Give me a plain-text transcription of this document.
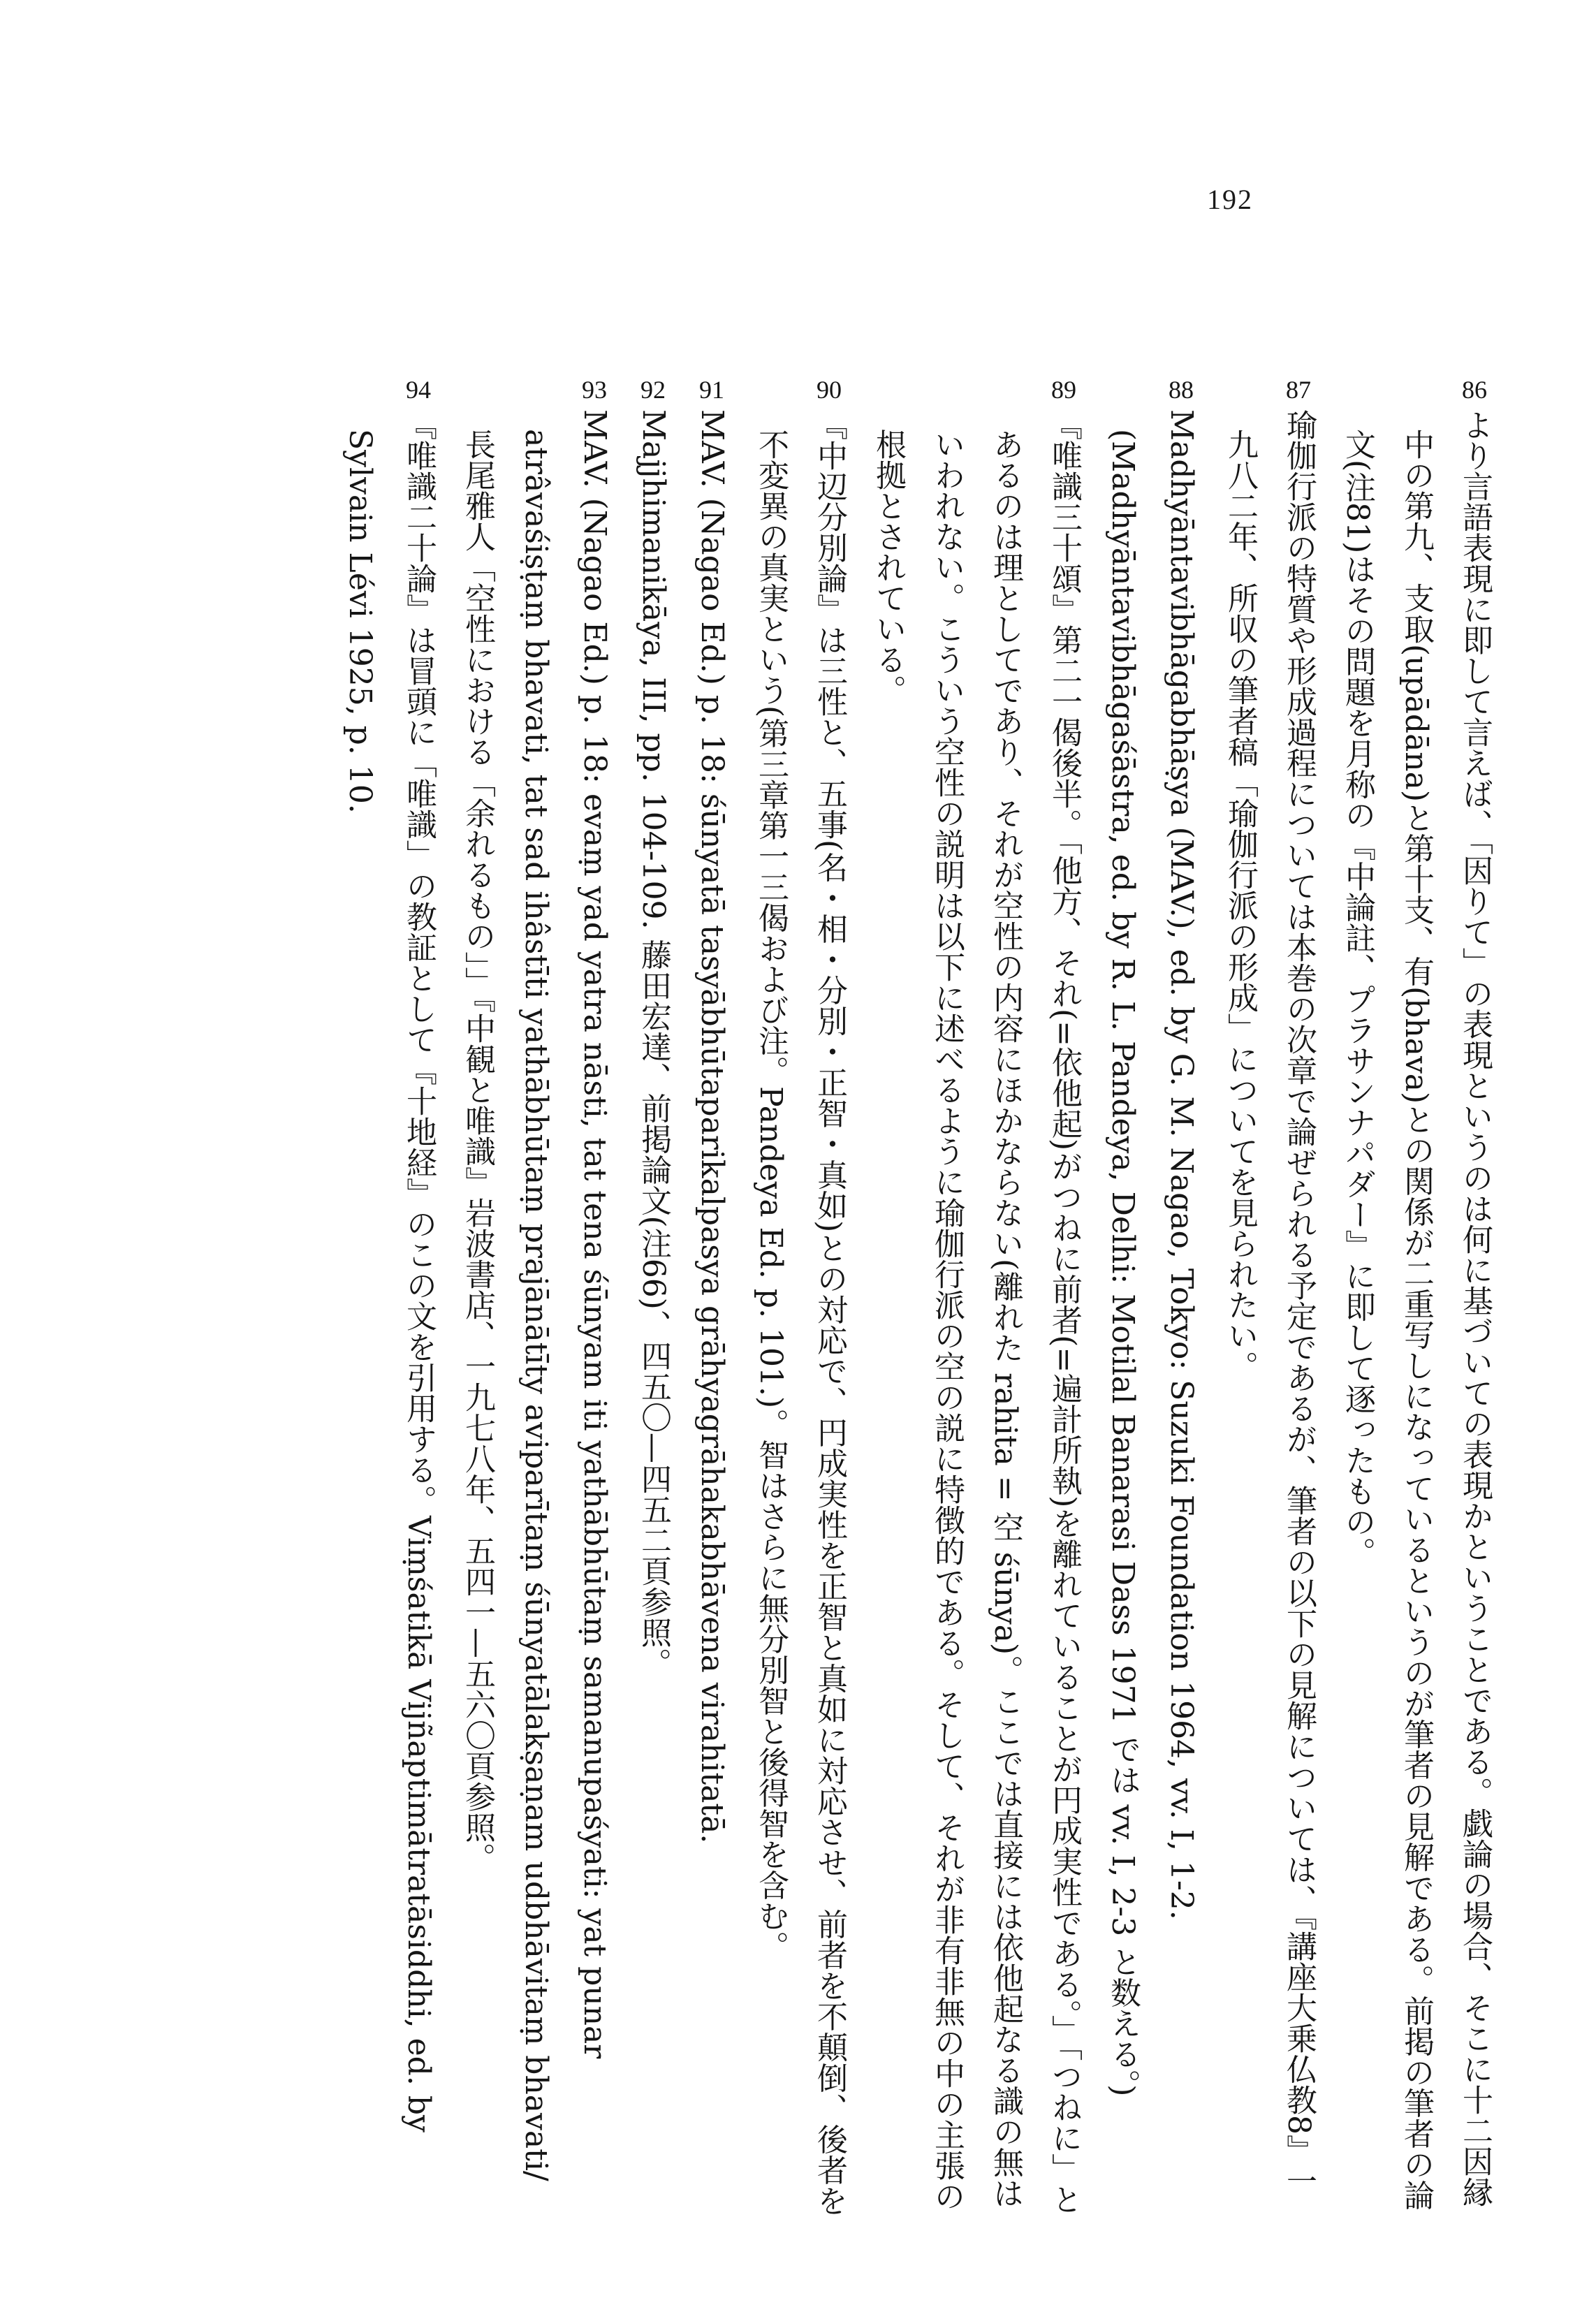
192

86より言語表現に即して言えば、「因りて」の表現というのは何に基づいての表現かということである。戯論の場合、そこに十二因縁中の第九、支取(upādāna)と第十支、有(bhava)との関係が二重写しになっているというのが筆者の見解である。前掲の筆者の論文(注81)はその問題を月称の『中論註、プラサンナパダー』に即して逐ったもの。

87瑜伽行派の特質や形成過程については本巻の次章で論ぜられる予定であるが、筆者の以下の見解については、『講座大乗仏教8』一九八二年、所収の筆者稿「瑜伽行派の形成」についてを見られたい。

88Madhyāntavibhāgabhāṣya (MAV.), ed. by G. M. Nagao, Tokyo: Suzuki Foundation 1964, vv. I, 1-2. (Madhyāntavibhāgaśāstra, ed. by R. L. Pandeya, Delhi: Motilal Banarasi Dass 1971 では vv. I, 2-3 と数える。)

89『唯識三十頌』第二一偈後半。「他方、それ(=依他起)がつねに前者(=遍計所執)を離れていることが円成実性である。」「つねに」とあるのは理としてであり、それが空性の内容にほかならない(離れた rahita = 空 śūnya)。ここでは直接には依他起なる識の無はいわれない。こういう空性の説明は以下に述べるように瑜伽行派の空の説に特徴的である。そして、それが非有非無の中の主張の根拠とされている。

90『中辺分別論』は三性と、五事(名・相・分別・正智・真如)との対応で、円成実性を正智と真如に対応させ、前者を不顛倒、後者を不変異の真実という(第三章第一三偈および注。Pandeya Ed. p. 101.)。智はさらに無分別智と後得智を含む。

91MAV. (Nagao Ed.) p. 18: śūnyatā tasyābhūtaparikalpasya grāhyagrāhakabhāvena virahitatā.

92Majjhimanikāya, III, pp. 104-109. 藤田宏達、前掲論文(注66)、四五〇—四五二頁参照。

93MAV. (Nagao Ed.) p. 18: evaṃ yad yatra nāsti, tat tena śūnyam iti yathābhūtaṃ samanupaśyati: yat punar atrâvaśiṣṭaṃ bhavati, tat sad ihâstīti yathābhūtaṃ prajānātīty aviparītaṃ śūnyatālakṣaṇam udbhāvitaṃ bhavati/ 長尾雅人「空性における「余れるもの」」『中観と唯識』岩波書店、一九七八年、五四一—五六〇頁参照。

94『唯識二十論』は冒頭に「唯識」の教証として『十地経』のこの文を引用する。Viṃśatikā Vijñaptimātratāsiddhi, ed. by Sylvain Lévi 1925, p. 10.
